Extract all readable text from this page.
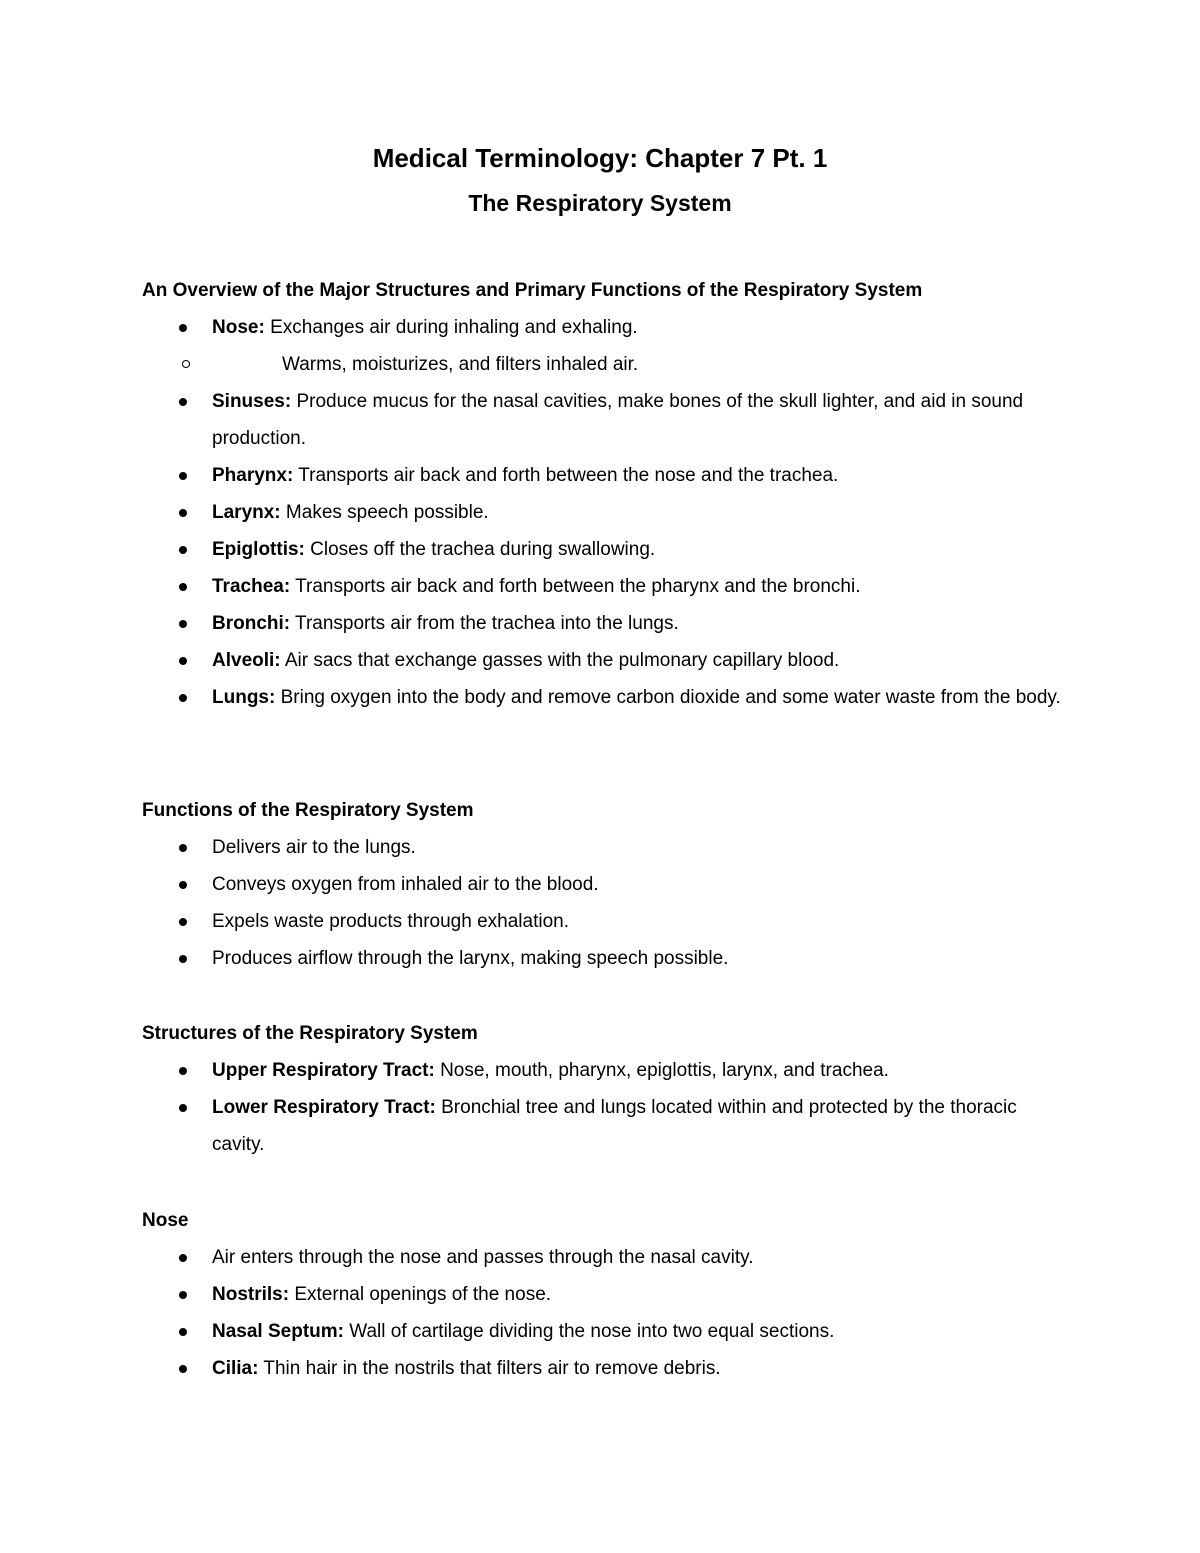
Medical Terminology: Chapter 7 Pt. 1
The Respiratory System
An Overview of the Major Structures and Primary Functions of the Respiratory System
Nose: Exchanges air during inhaling and exhaling.
Warms, moisturizes, and filters inhaled air.
Sinuses: Produce mucus for the nasal cavities, make bones of the skull lighter, and aid in sound production.
Pharynx: Transports air back and forth between the nose and the trachea.
Larynx: Makes speech possible.
Epiglottis: Closes off the trachea during swallowing.
Trachea: Transports air back and forth between the pharynx and the bronchi.
Bronchi: Transports air from the trachea into the lungs.
Alveoli: Air sacs that exchange gasses with the pulmonary capillary blood.
Lungs: Bring oxygen into the body and remove carbon dioxide and some water waste from the body.
Functions of the Respiratory System
Delivers air to the lungs.
Conveys oxygen from inhaled air to the blood.
Expels waste products through exhalation.
Produces airflow through the larynx, making speech possible.
Structures of the Respiratory System
Upper Respiratory Tract: Nose, mouth, pharynx, epiglottis, larynx, and trachea.
Lower Respiratory Tract: Bronchial tree and lungs located within and protected by the thoracic cavity.
Nose
Air enters through the nose and passes through the nasal cavity.
Nostrils: External openings of the nose.
Nasal Septum: Wall of cartilage dividing the nose into two equal sections.
Cilia: Thin hair in the nostrils that filters air to remove debris.
